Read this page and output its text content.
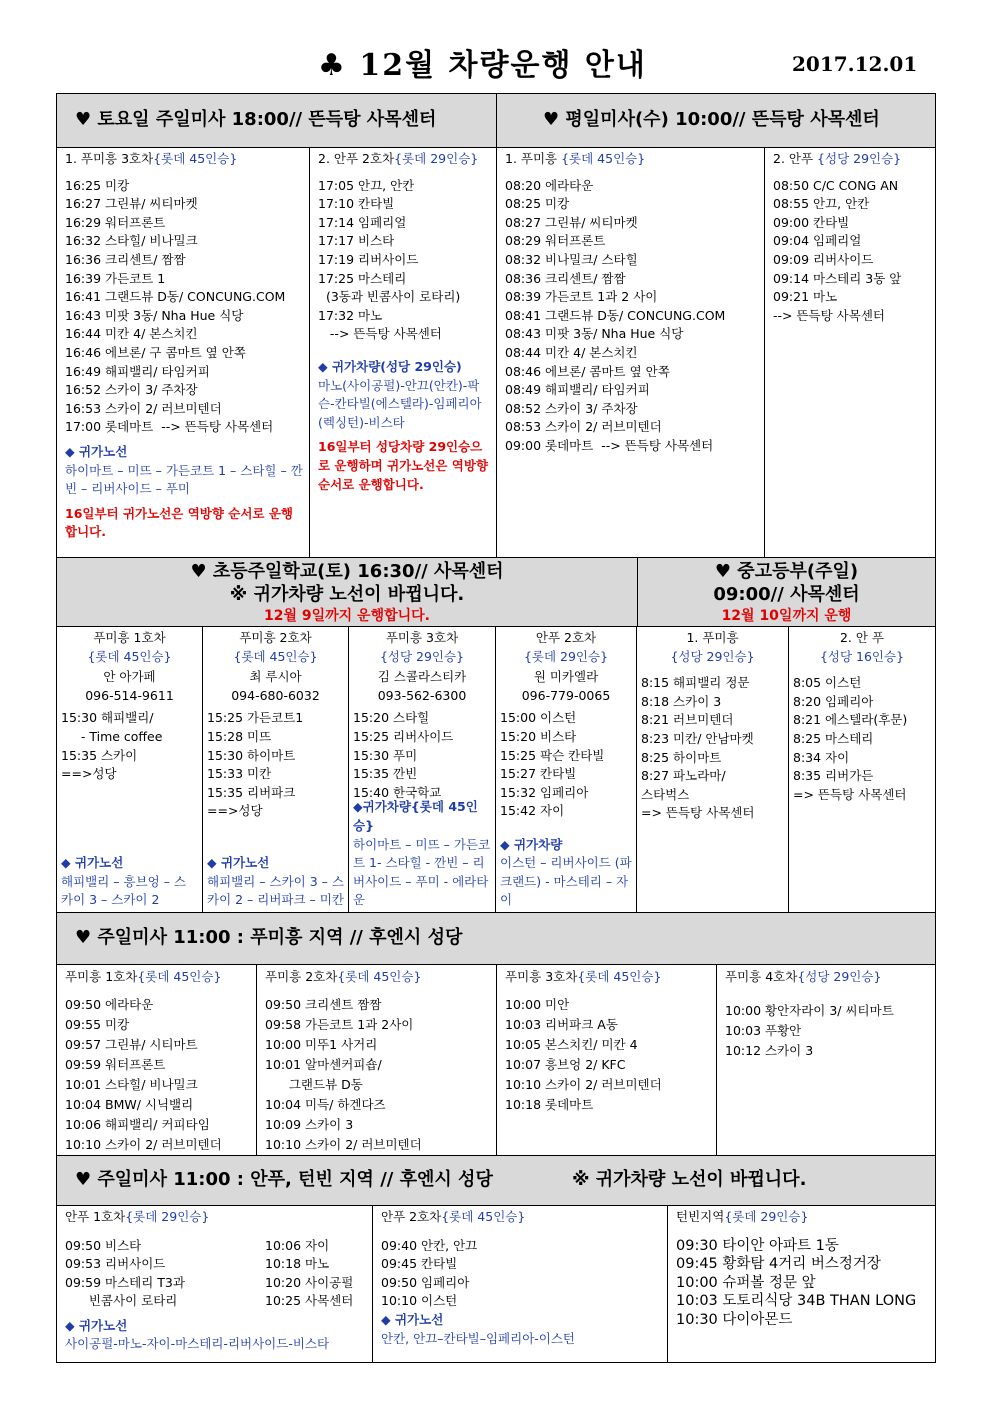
♣ 12월 차량운행 안내	2017.12.01
♥ 토요일 주일미사 18:00// 뜬득탕 사목센터	♥ 평일미사(수) 10:00// 뜬득탕 사목센터
1. 푸미흥 3호차{롯데 45인승}
16:25 미캉
16:27 그린뷰/ 씨티마켓
16:29 워터프론트
16:32 스타힐/ 비나밀크
16:36 크리센트/ 짬짬
16:39 가든코트 1
16:41 그랜드뷰 D동/ CONCUNG.COM
16:43 미팟 3동/ Nha Hue 식당
16:44 미칸 4/ 본스치킨
16:46 에브론/ 구 콤마트 옆 안쪽
16:49 해피밸리/ 타임커피
16:52 스카이 3/ 주차장
16:53 스카이 2/ 러브미텐더
17:00 롯데마트  --> 뜬득탕 사목센터
◆ 귀가노선
하이마트 – 미뜨 – 가든코트 1 – 스타힐 – 깐빈 – 리버사이드 – 푸미
16일부터 귀가노선은 역방향 순서로 운행합니다.
2. 안푸 2호차{롯데 29인승}
17:05 안끄, 안칸
17:10 칸타빌
17:14 임페리얼
17:17 비스타
17:19 리버사이드
17:25 마스테리
(3동과 빈콤사이 로타리)
17:32 마노
--> 뜬득탕 사목센터
◆ 귀가차량(성당 29인승)
마노(사이공펄)-안끄(안칸)-팍슨-칸타빌(에스텔라)-임페리아(렉싱턴)-비스타
16일부터 성당차량 29인승으로 운행하며 귀가노선은 역방향 순서로 운행합니다.
1. 푸미흥 {롯데 45인승}
08:20 에라타운
08:25 미캉
08:27 그린뷰/ 씨티마켓
08:29 워터프론트
08:32 비나밀크/ 스타힐
08:36 크리센트/ 짬짬
08:39 가든코트 1과 2 사이
08:41 그랜드뷰 D동/ CONCUNG.COM
08:43 미팟 3동/ Nha Hue 식당
08:44 미칸 4/ 본스치킨
08:46 에브론/ 콤마트 옆 안쪽
08:49 해피밸리/ 타임커피
08:52 스카이 3/ 주차장
08:53 스카이 2/ 러브미텐더
09:00 롯데마트  --> 뜬득탕 사목센터
2. 안푸 {성당 29인승}
08:50 C/C CONG AN
08:55 안끄, 안칸
09:00 칸타빌
09:04 임페리얼
09:09 리버사이드
09:14 마스테리 3동 앞
09:21 마노
--> 뜬득탕 사목센터
♥ 초등주일학교(토) 16:30// 사목센터
※ 귀가차량 노선이 바뀝니다.
12월 9일까지 운행합니다.
♥ 중고등부(주일)
09:00// 사목센터
12월 10일까지 운행
푸미흥 1호차
{롯데 45인승}
안 아가페
096-514-9611
15:30 해피밸리/
- Time coffee
15:35 스카이
==>성당
◆ 귀가노선
해피밸리 – 흥브엉 – 스카이 3 – 스카이 2
푸미흥 2호차
{롯데 45인승}
최 루시아
094-680-6032
15:25 가든코트1
15:28 미뜨
15:30 하이마트
15:33 미칸
15:35 리버파크
==>성당
◆ 귀가노선
해피밸리 – 스카이 3 – 스카이 2 – 리버파크 – 미칸
푸미흥 3호차
{성당 29인승}
김 스콜라스티카
093-562-6300
15:20 스타힐
15:25 리버사이드
15:30 푸미
15:35 깐빈
15:40 한국학교
◆귀가차량{롯데 45인승}
하이마트 – 미뜨 – 가든코트 1- 스타힐 - 깐빈 – 리버사이드 – 푸미 - 에라타운
안푸 2호차
{롯데 29인승}
원 미카엘라
096-779-0065
15:00 이스턴
15:20 비스타
15:25 팍슨 칸타빌
15:27 칸타빌
15:32 임페리아
15:42 자이
◆ 귀가차량
이스턴 – 리버사이드 (파크랜드) - 마스테리 – 자이
1. 푸미흥
{성당 29인승}
8:15 해피밸리 정문
8:18 스카이 3
8:21 러브미텐더
8:23 미칸/ 안남마켓
8:25 하이마트
8:27 파노라마/
스타벅스
=> 뜬득탕 사목센터
2. 안 푸
{성당 16인승}
8:05 이스턴
8:20 임페리아
8:21 에스텔라(후문)
8:25 마스테리
8:34 자이
8:35 리버가든
=> 뜬득탕 사목센터
♥ 주일미사 11:00 : 푸미흥 지역 // 후엔시 성당
푸미흥 1호차{롯데 45인승}
09:50 에라타운
09:55 미캉
09:57 그린뷰/ 시티마트
09:59 워터프론트
10:01 스타힐/ 비나밀크
10:04 BMW/ 시닉밸리
10:06 해피밸리/ 커피타임
10:10 스카이 2/ 러브미텐더
푸미흥 2호차{롯데 45인승}
09:50 크리센트 짬짬
09:58 가든코트 1과 2사이
10:00 미뚜1 사거리
10:01 알마센커피숍/
그랜드뷰 D동
10:04 미득/ 하겐다즈
10:09 스카이 3
10:10 스카이 2/ 러브미텐더
푸미흥 3호차{롯데 45인승}
10:00 미안
10:03 리버파크 A동
10:05 본스치킨/ 미칸 4
10:07 흥브엉 2/ KFC
10:10 스카이 2/ 러브미텐더
10:18 롯데마트
푸미흥 4호차{성당 29인승}
10:00 황안자라이 3/ 씨티마트
10:03 푸황안
10:12 스카이 3
♥ 주일미사 11:00 : 안푸, 턴빈 지역 // 후엔시 성당	※ 귀가차량 노선이 바뀝니다.
안푸 1호차{롯데 29인승}
09:50 비스타
09:53 리버사이드
09:59 마스테리 T3과
빈콤사이 로타리
10:06 자이
10:18 마노
10:20 사이공펄
10:25 사목센터
◆ 귀가노선
사이공펄-마노-자이-마스테리-리버사이드-비스타
안푸 2호차{롯데 45인승}
09:40 안칸, 안끄
09:45 칸타빌
09:50 임페리아
10:10 이스턴
◆ 귀가노선
안칸, 안끄–칸타빌–임페리아-이스턴
턴빈지역{롯데 29인승}
09:30 타이안 아파트 1동
09:45 황화탐 4거리 버스정거장
10:00 슈퍼볼 정문 앞
10:03 도토리식당 34B THAN LONG
10:30 다이아몬드
